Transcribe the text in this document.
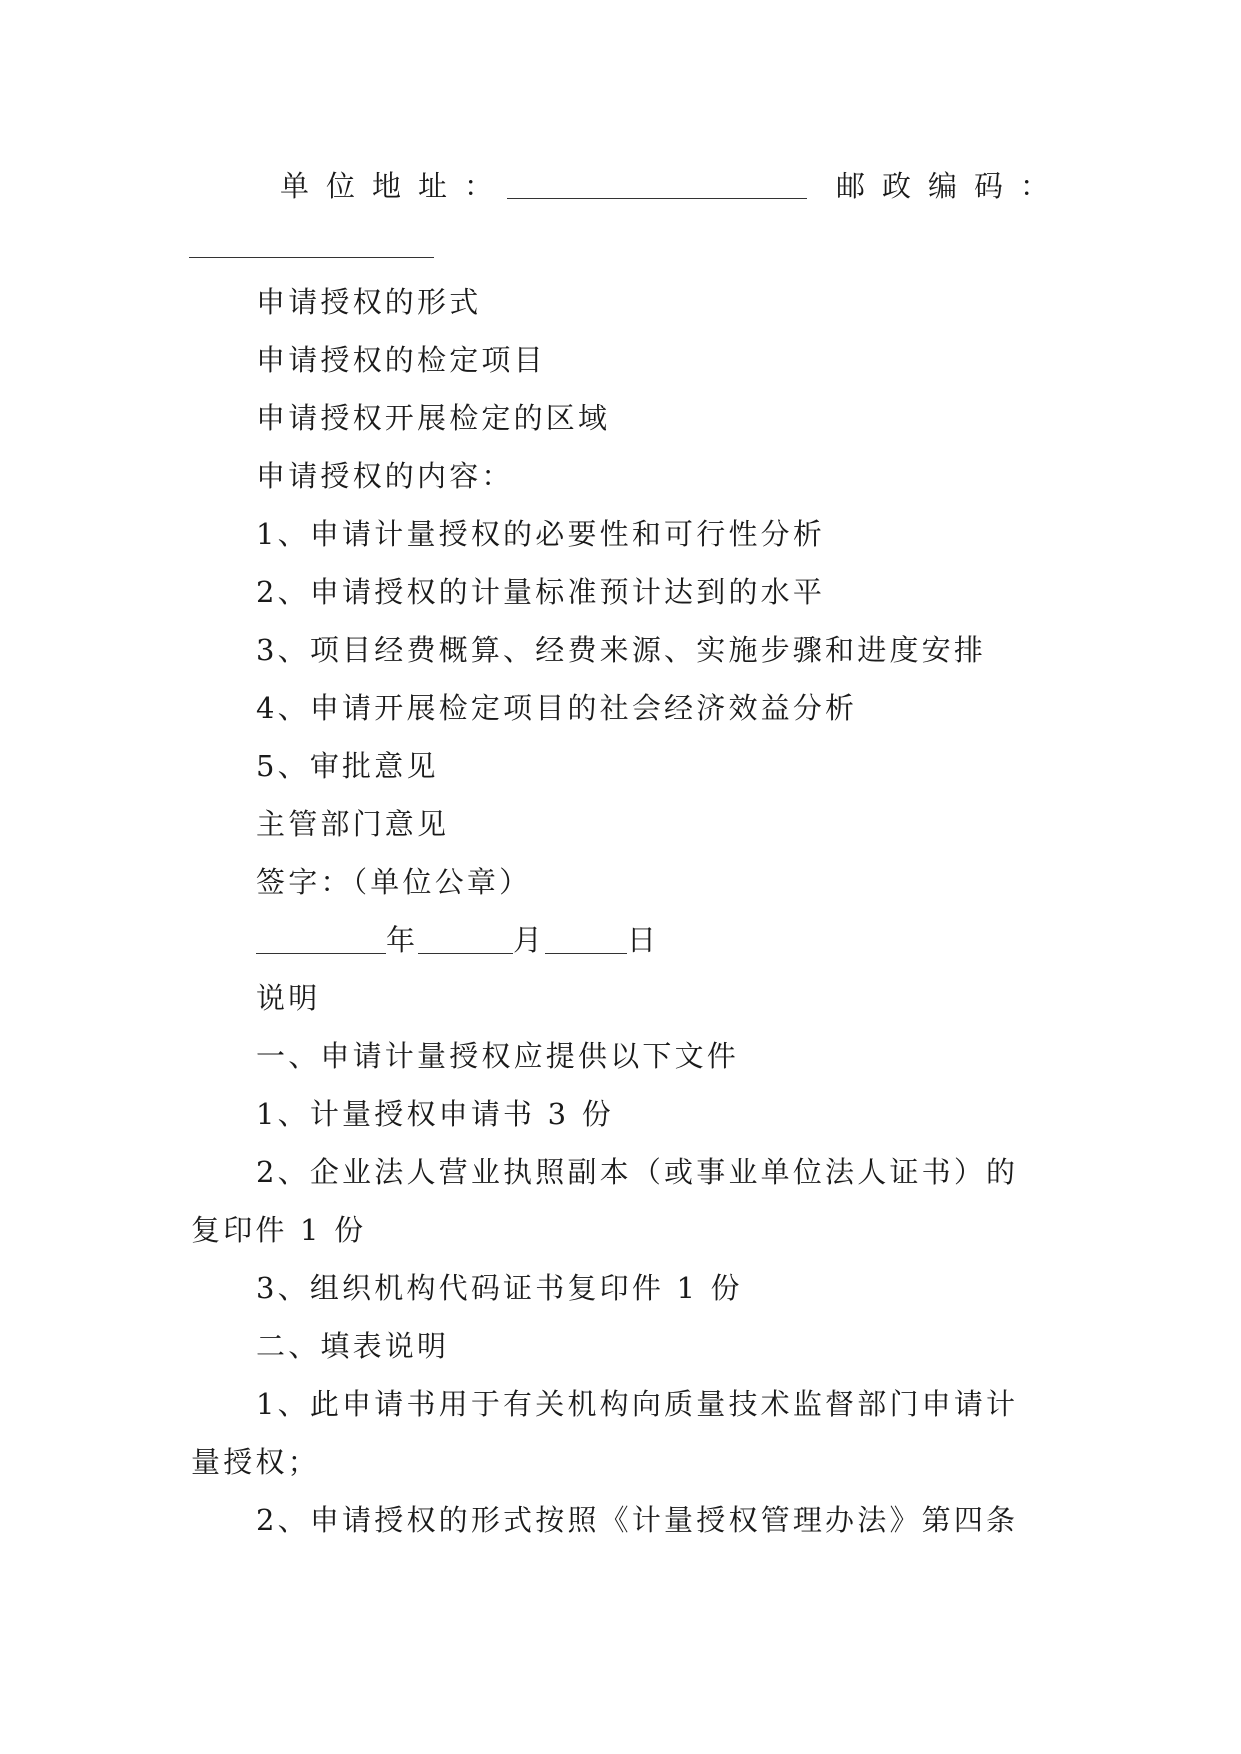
单位地址：	邮政编码：
申请授权的形式
申请授权的检定项目
申请授权开展检定的区域
申请授权的内容：
1、申请计量授权的必要性和可行性分析
2、申请授权的计量标准预计达到的水平
3、项目经费概算、经费来源、实施步骤和进度安排
4、申请开展检定项目的社会经济效益分析
5、审批意见
主管部门意见
签字：（单位公章）
年	月	日
说明
一、申请计量授权应提供以下文件
1、计量授权申请书 3 份
2、企业法人营业执照副本（或事业单位法人证书）的
复印件 1 份
3、组织机构代码证书复印件 1 份
二、填表说明
1、此申请书用于有关机构向质量技术监督部门申请计
量授权；
2、申请授权的形式按照《计量授权管理办法》第四条
